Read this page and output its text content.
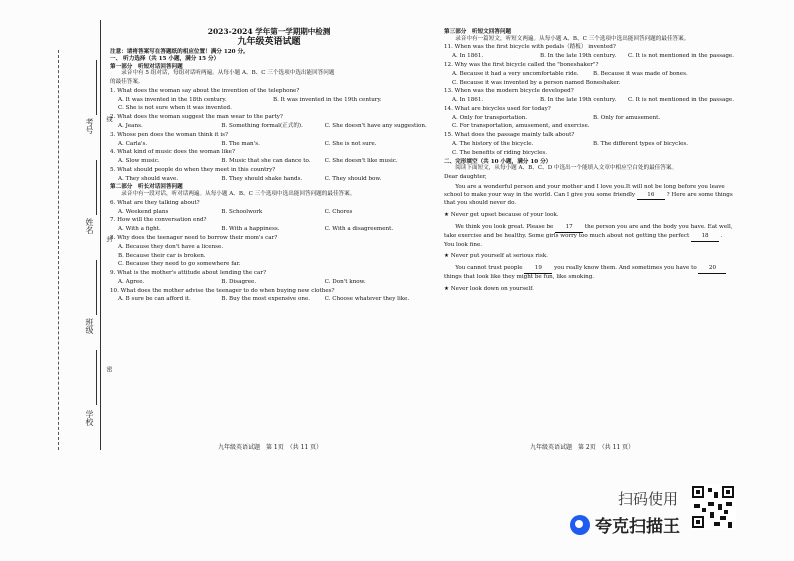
考号
姓名
班级
学校
线
封
密
2023-2024 学年第一学期期中检测
九年级英语试题
注意：请将答案写在答题纸的相应位置！满分 120 分。
一、 听力选择（共 15 小题，满分 15 分）
第一部分　听短对话回答问题
　　录音中有 5 组对话，每组对话听两遍。从每小题 A、B、C 三个选项中选出能回答问题
的最佳答案。
1. What does the woman say about the invention of the telephone?
A. It was invented in the 18th century.	B. It was invented in the 19th century.
C. She is not sure when it was invented.
2. What does the woman suggest the man wear to the party?
A. Jeans.	B. Something formal(正式的).	C. She doesn't have any suggestion.
3. Whose pen does the woman think it is?
A. Carla's.	B. The man's.	C. She is not sure.
4. What kind of music does the woman like?
A. Slow music.	B. Music that she can dance to.	C. She doesn't like music.
5. What should people do when they meet in this country?
A. They should wave.	B. They should shake hands.	C. They should bow.
第二部分　听长对话回答问题
　　录音中有一段对话，听对话两遍。从每小题 A、B、C 三个选项中选出能回答问题的最佳答案。
6. What are they talking about?
A. Weekend plans	B. Schoolwork	C. Chores
7. How will the conversation end?
A. With a fight.	B. With a happiness.	C. With a disagreement.
8. Why does the teenager need to borrow their mom's car?
A. Because they don't have a license.
B. Because their car is broken.
C. Because they need to go somewhere far.
9. What is the mother's attitude about lending the car?
A. Agree.	B. Disagree.	C. Don't know.
10. What does the mother advise the teenager to do when buying new clothes?
A. B sure be can afford it.	B. Buy the most expensive one.	C. Choose whatever they like.
第三部分　听短文回答问题
　　录音中有一篇短文，听短文两遍。从每小题 A、B、C 三个选项中选出能回答问题的最佳答案。
11. When was the first bicycle with pedals（踏板） invented?
A. In 1861.	B. In the late 19th century.	C. It is not mentioned in the passage.
12. Why was the first bicycle called the "boneshaker"?
A. Because it had a very uncomfortable ride.	B. Because it was made of bones.
C. Because it was invented by a person named Boneshaker.
13. When was the modern bicycle developed?
A. In 1861.	B. In the late 19th century.	C. It is not mentioned in the passage.
14. What are bicycles used for today?
A. Only for transportation.	B. Only for amusement.
C. For transportation, amusement, and exercise.
15. What does the passage mainly talk about?
A. The history of the bicycle.	B. The different types of bicycles.
C. The benefits of riding bicycles.
二、完形填空（共 10 小题，满分 10 分）
　　阅读下面短文，从每小题 A、B、C、D 中选出一个能填入文章中相应空白处的最佳答案。
Dear daughter,
　　You are a wonderful person and your mother and I love you.It will not be long before you leave school to make your way in the world. Can I give you some friendly 16 ? Here are some things that you should never do.
★ Never get upset because of your look.
　　We think you look great. Please be 17 the person you are and the body you have. Eat well, take exercise and be healthy. Some girls worry too much about not getting the perfect 18 . You look fine.
★ Never put yourself at serious risk.
　　You cannot trust people 19 you really know them. And sometimes you have to 20 things that look like they might be fun, like smoking.
★ Never look down on yourself.
九年级英语试题　第 1页　（共 11 页）	九年级英语试题　第 2页　（共 11 页）
扫码使用
夸克扫描王
